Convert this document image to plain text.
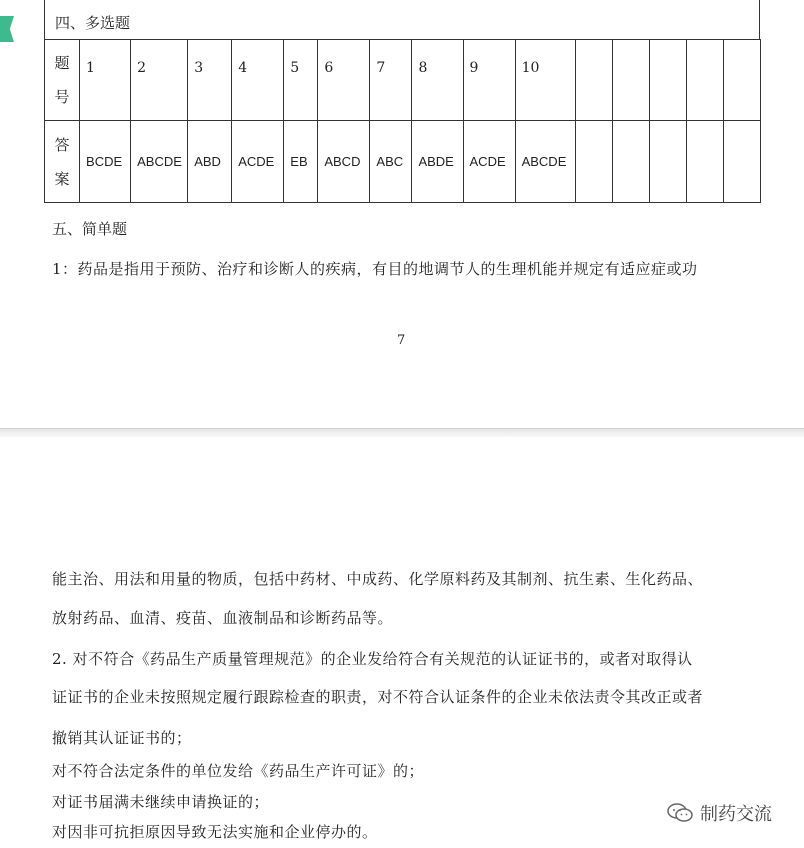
四、多选题
题
号	1	2	3	4	5	6	7	8	9	10					

答
案	BCDE	ABCDE	ABD	ACDE	EB	ABCD	ABC	ABDE	ACDE	ABCDE					
五、简单题
1：药品是指用于预防、治疗和诊断人的疾病，有目的地调节人的生理机能并规定有适应症或功
7
能主治、用法和用量的物质，包括中药材、中成药、化学原料药及其制剂、抗生素、生化药品、
放射药品、血清、疫苗、血液制品和诊断药品等。
2. 对不符合《药品生产质量管理规范》的企业发给符合有关规范的认证证书的，或者对取得认
证证书的企业未按照规定履行跟踪检查的职责，对不符合认证条件的企业未依法责令其改正或者
撤销其认证证书的；
对不符合法定条件的单位发给《药品生产许可证》的；
对证书届满未继续申请换证的；
对因非可抗拒原因导致无法实施和企业停办的。
制药交流
